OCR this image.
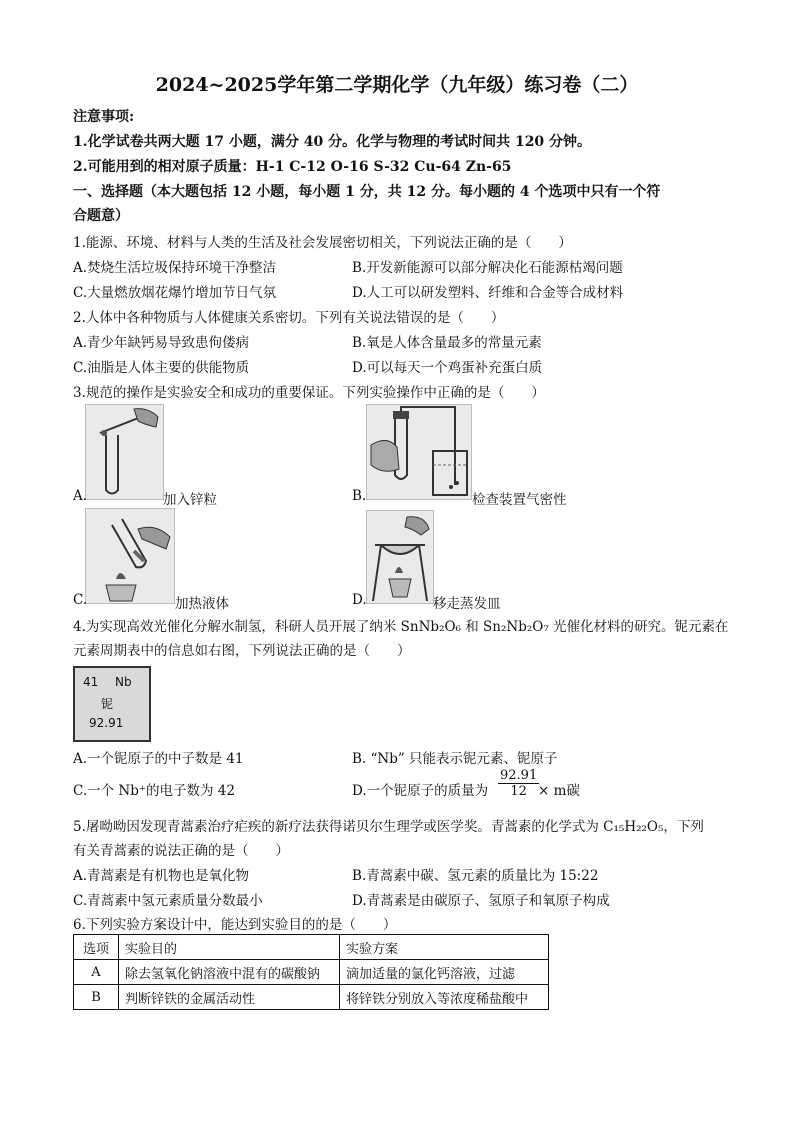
2024~2025学年第二学期化学（九年级）练习卷（二）
注意事项:
1.化学试卷共两大题 17 小题，满分 40 分。化学与物理的考试时间共 120 分钟。
2.可能用到的相对原子质量：H-1 C-12 O-16 S-32 Cu-64 Zn-65
一、选择题（本大题包括 12 小题，每小题 1 分，共 12 分。每小题的 4 个选项中只有一个符
合题意）
1.能源、环境、材料与人类的生活及社会发展密切相关，下列说法正确的是（　　）
A.焚烧生活垃圾保持环境干净整洁	B.开发新能源可以部分解决化石能源枯竭问题
C.大量燃放烟花爆竹增加节日气氛	D.人工可以研发塑料、纤维和合金等合成材料
2.人体中各种物质与人体健康关系密切。下列有关说法错误的是（　　）
A.青少年缺钙易导致患佝偻病	B.氧是人体含量最多的常量元素
C.油脂是人体主要的供能物质	D.可以每天一个鸡蛋补充蛋白质
3.规范的操作是实验安全和成功的重要保证。下列实验操作中正确的是（　　）
A.	加入锌粒	B.	检查装置气密性
C.	加热液体	D.	移走蒸发皿
4.为实现高效光催化分解水制氢，科研人员开展了纳米 SnNb₂O₆ 和 Sn₂Nb₂O₇ 光催化材料的研究。铌元素在
元素周期表中的信息如右图，下列说法正确的是（　　）
41 Nb
铌
92.91
A.一个铌原子的中子数是 41	B. “Nb” 只能表示铌元素、铌原子
C.一个 Nb⁺的电子数为 42	D.一个铌原子的质量为 $\frac{92.91}{12}$
× m碳
5.屠呦呦因发现青蒿素治疗疟疾的新疗法获得诺贝尔生理学或医学奖。青蒿素的化学式为 C₁₅H₂₂O₅，下列
有关青蒿素的说法正确的是（　　）
A.青蒿素是有机物也是氧化物	B.青蒿素中碳、氢元素的质量比为 15:22
C.青蒿素中氢元素质量分数最小	D.青蒿素是由碳原子、氢原子和氧原子构成
6.下列实验方案设计中，能达到实验目的的是（　　）
选项	实验目的	实验方案
A	除去氢氧化钠溶液中混有的碳酸钠	滴加适量的氯化钙溶液，过滤
B	判断锌铁的金属活动性	将锌铁分别放入等浓度稀盐酸中
